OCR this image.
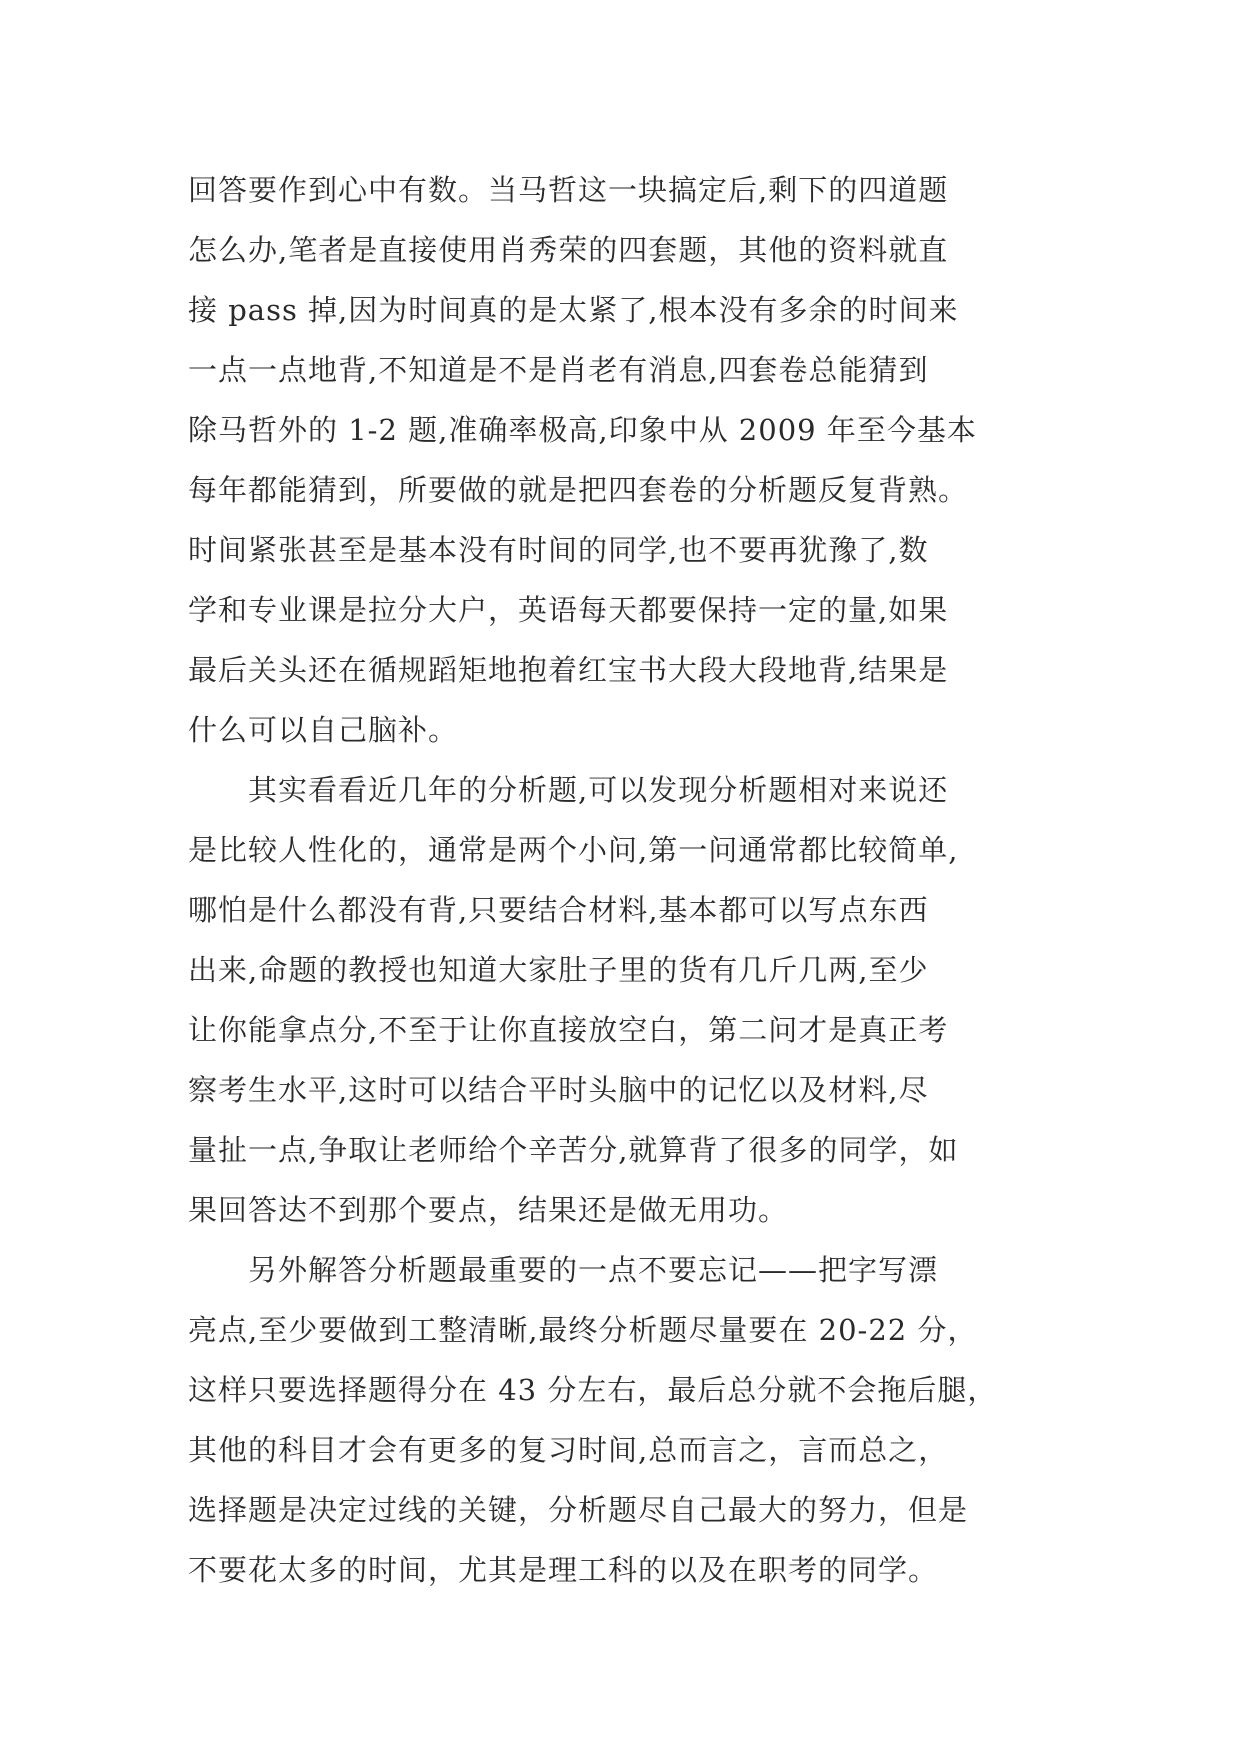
回答要作到心中有数。当马哲这一块搞定后,剩下的四道题
怎么办,笔者是直接使用肖秀荣的四套题，其他的资料就直
接 pass 掉,因为时间真的是太紧了,根本没有多余的时间来
一点一点地背,不知道是不是肖老有消息,四套卷总能猜到
除马哲外的 1-2 题,准确率极高,印象中从 2009 年至今基本
每年都能猜到，所要做的就是把四套卷的分析题反复背熟。
时间紧张甚至是基本没有时间的同学,也不要再犹豫了,数
学和专业课是拉分大户，英语每天都要保持一定的量,如果
最后关头还在循规蹈矩地抱着红宝书大段大段地背,结果是
什么可以自己脑补。
其实看看近几年的分析题,可以发现分析题相对来说还
是比较人性化的，通常是两个小问,第一问通常都比较简单,
哪怕是什么都没有背,只要结合材料,基本都可以写点东西
出来,命题的教授也知道大家肚子里的货有几斤几两,至少
让你能拿点分,不至于让你直接放空白，第二问才是真正考
察考生水平,这时可以结合平时头脑中的记忆以及材料,尽
量扯一点,争取让老师给个辛苦分,就算背了很多的同学，如
果回答达不到那个要点，结果还是做无用功。
另外解答分析题最重要的一点不要忘记——把字写漂
亮点,至少要做到工整清晰,最终分析题尽量要在 20-22 分，
这样只要选择题得分在 43 分左右，最后总分就不会拖后腿，
其他的科目才会有更多的复习时间,总而言之，言而总之，
选择题是决定过线的关键，分析题尽自己最大的努力，但是
不要花太多的时间，尤其是理工科的以及在职考的同学。
